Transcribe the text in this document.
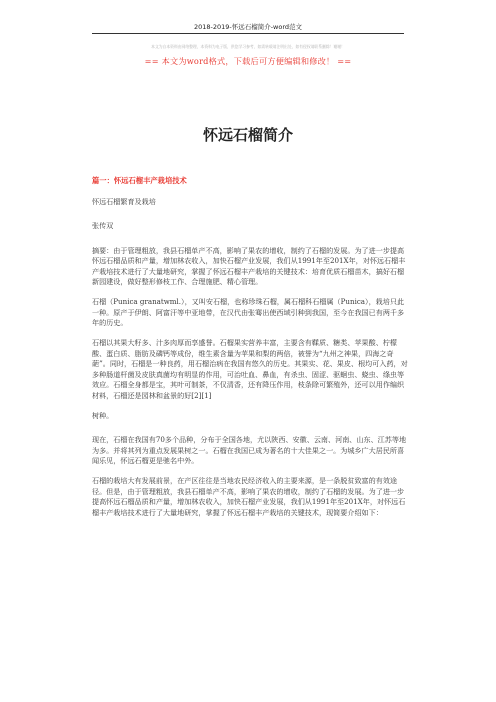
2018-2019-怀远石榴简介-word范文
本文为自本资料由网络整理，本资料为电子版，供您学习参考，如需转载请注明出处，如有侵权请联系删除！谢谢！
== 本文为word格式，下载后可方便编辑和修改！ ==
怀远石榴简介

篇一：怀远石榴丰产栽培技术

怀远石榴繁育及栽培

张传双

摘要：由于管理粗放，我县石榴单产不高，影响了果农的增收，制约了石榴的发展。为了进一步提高怀远石榴品质和产量，增加林农收入，加快石榴产业发展，我们从1991年至201X年，对怀远石榴丰产栽培技术进行了大量地研究，掌握了怀远石榴丰产栽培的关键技术：培育优质石榴苗木，搞好石榴新园建设，做好整形修枝工作、合理施肥、精心管理。

石榴（Punica granatwml.），又叫安石榴，也称珍珠石榴，属石榴科石榴属（Punica），栽培只此一种。原产于伊朗、阿富汗等中亚地带，在汉代由张骞出使西域引种到我国，至今在我国已有两千多年的历史。

石榴以其果大籽多、汁多肉厚而享盛誉。石榴果实营养丰富，主要含有鞣质、糖类、苹果酸、柠檬酸、蛋白质、脂肪及磷钙等成份，维生素含量为苹果和梨的两倍，被誉为“九州之神果，四海之奇葩”。同时，石榴是一种良药，用石榴治病在我国有悠久的历史。其果实、花、果皮、根均可入药，对多种肠道杆菌及皮肤真菌均有明显的作用，可治吐血、鼻血，有杀虫、固涩、驱蛔虫、蛲虫、绦虫等效应。石榴全身都是宝，其叶可制茶，不仅清香，还有降压作用，枝条除可繁殖外，还可以用作编织材料，石榴还是园林和盆景的好[2][1]

树种。

现在，石榴在我国有70多个品种，分布于全国各地，尤以陕西、安徽、云南、河南、山东、江苏等地为多。并将其列为重点发展果树之一。石榴在我国已成为著名的十大佳果之一。为城乡广大居民所喜闻乐见，怀远石榴更是驰名中外。

石榴的栽培大有发展前景，在产区往往是当地农民经济收入的主要来源，是一条脱贫致富的有效途径。但是，由于管理粗放，我县石榴单产不高，影响了果农的增收，制约了石榴的发展。为了进一步提高怀远石榴品质和产量，增加林农收入，加快石榴产业发展，我们从1991年至201X年，对怀远石榴丰产栽培技术进行了大量地研究，掌握了怀远石榴丰产栽培的关键技术，现简要介绍如下：
